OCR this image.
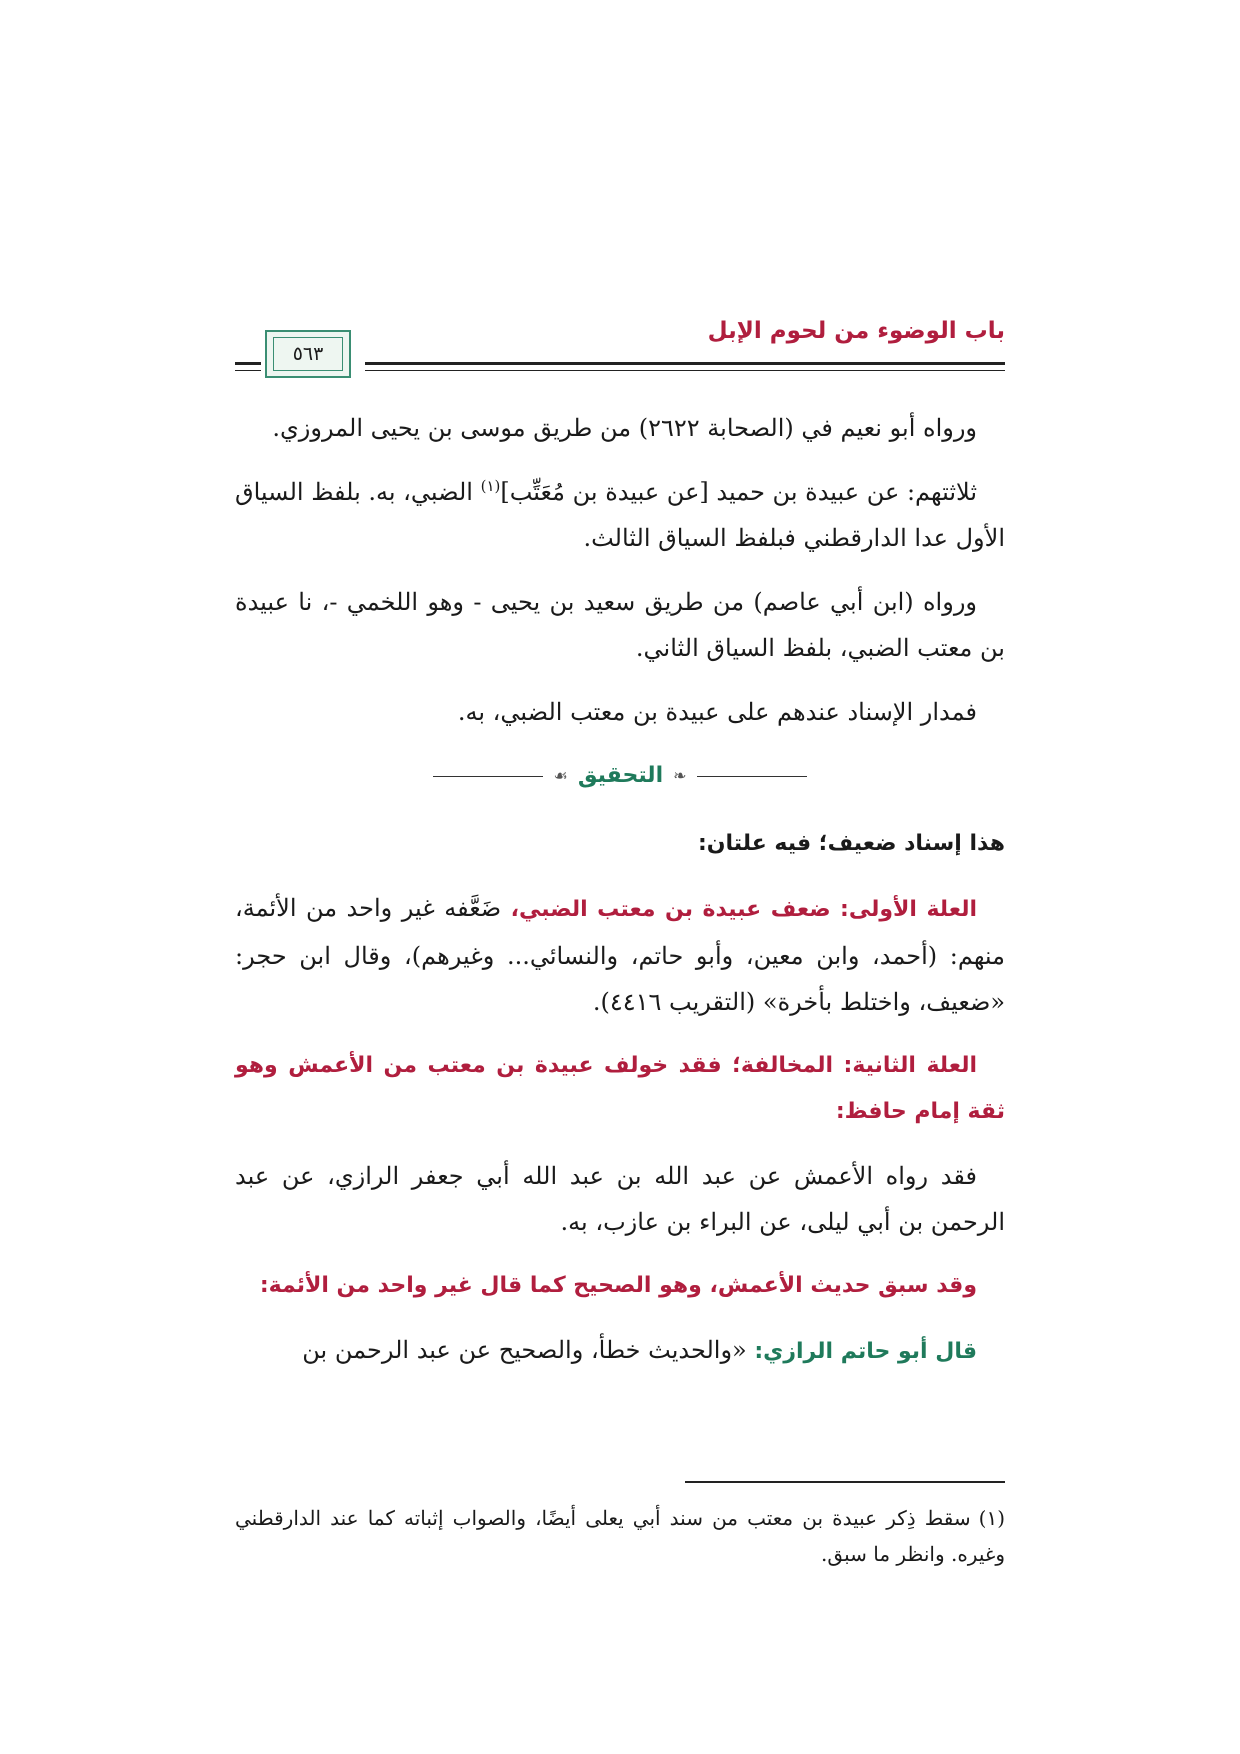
باب الوضوء من لحوم الإبل
٥٦٣

ورواه أبو نعيم في (الصحابة ٢٦٢٢) من طريق موسى بن يحيى المروزي.

ثلاثتهم: عن عبيدة بن حميد [عن عبيدة بن مُعَتِّب]$^{(١)}$ الضبي، به. بلفظ السياق الأول عدا الدارقطني فبلفظ السياق الثالث.

ورواه (ابن أبي عاصم) من طريق سعيد بن يحيى - وهو اللخمي -، نا عبيدة بن معتب الضبي، بلفظ السياق الثاني.

فمدار الإسناد عندهم على عبيدة بن معتب الضبي، به.

❧
التحقيق
☙

هذا إسناد ضعيف؛ فيه علتان:

العلة الأولى: ضعف عبيدة بن معتب الضبي، ضَعَّفه غير واحد من الأئمة، منهم: (أحمد، وابن معين، وأبو حاتم، والنسائي... وغيرهم)، وقال ابن حجر: «ضعيف، واختلط بأخرة» (التقريب ٤٤١٦).

العلة الثانية: المخالفة؛ فقد خولف عبيدة بن معتب من الأعمش وهو ثقة إمام حافظ:

فقد رواه الأعمش عن عبد الله بن عبد الله أبي جعفر الرازي، عن عبد الرحمن بن أبي ليلى، عن البراء بن عازب، به.

وقد سبق حديث الأعمش، وهو الصحيح كما قال غير واحد من الأئمة:

قال أبو حاتم الرازي: «والحديث خطأ، والصحيح عن عبد الرحمن بن

(١)سقط ذِكر عبيدة بن معتب من سند أبي يعلى أيضًا، والصواب إثباته كما عند الدارقطني وغيره. وانظر ما سبق.
